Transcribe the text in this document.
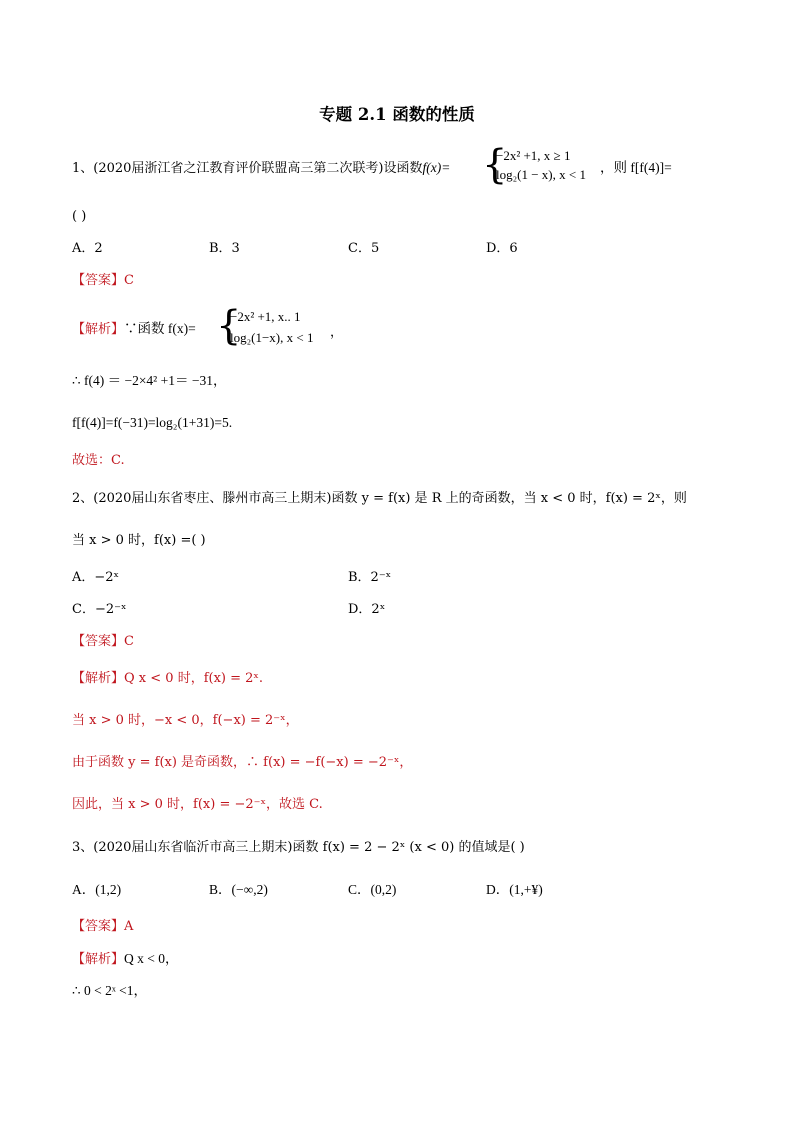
专题 2.1 函数的性质
1、(2020届浙江省之江教育评价联盟高三第二次联考)设函数f(x)= {
−2x² +1, x ≥ 1
log₂(1 − x), x < 1 ，则 f[f(4)]=
( )
A．2	B．3	C．5	D．6
【答案】C
【解析】∵函数 f(x)= {
−2x² +1, x.. 1
log₂(1−x), x < 1 ，
∴ f(4) ＝ −2×4² +1＝ −31，
f[f(4)]=f(−31)=log₂(1+31)=5.
故选：C.
2、(2020届山东省枣庄、滕州市高三上期末)函数 y = f(x) 是 R 上的奇函数，当 x < 0 时，f(x) = 2ˣ，则
当 x > 0 时，f(x) =( )
A．−2ˣ	B．2⁻ˣ
C．−2⁻ˣ	D．2ˣ
【答案】C
【解析】Q x < 0 时，f(x) = 2ˣ.
当 x > 0 时，−x < 0，f(−x) = 2⁻ˣ，
由于函数 y = f(x) 是奇函数，∴ f(x) = −f(−x) = −2⁻ˣ，
因此，当 x > 0 时，f(x) = −2⁻ˣ，故选 C.
3、(2020届山东省临沂市高三上期末)函数 f(x) = 2 − 2ˣ (x < 0) 的值域是( )
A．(1,2)	B．(−∞,2)	C．(0,2)	D．(1,+¥)
【答案】A
【解析】Q x < 0，
∴ 0 < 2ˣ <1，
